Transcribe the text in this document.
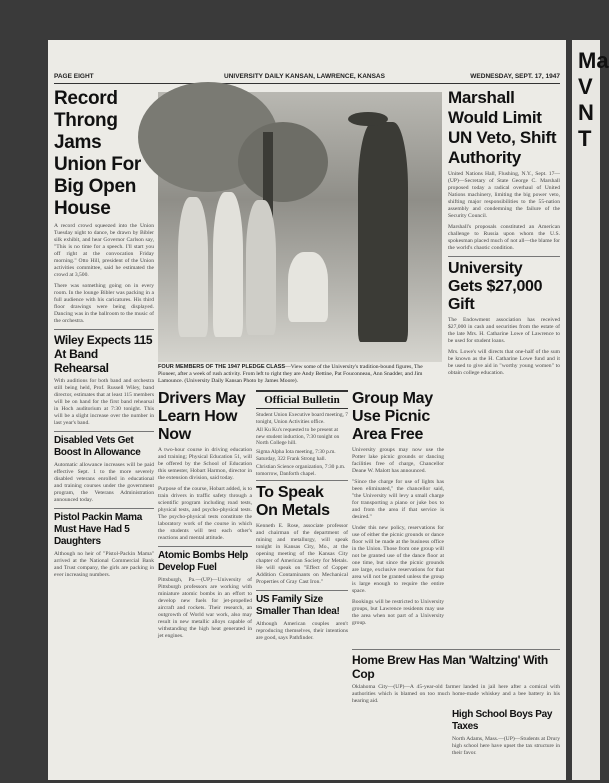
PAGE EIGHT	UNIVERSITY DAILY KANSAN, LAWRENCE, KANSAS	WEDNESDAY, SEPT. 17, 1947

Record Throng Jams Union For Big Open House

A record crowd squeezed into the Union Tuesday night to dance, be drawn by Bibler silk exhibit, and hear Governor Carlson say, "This is no time for a speech. I'll start you off right at the convocation Friday morning." Otto Hill, president of the Union activities committee, said he estimated the crowd at 3,500.

There was something going on in every room. In the lounge Bibler was packing in a full audience with his caricatures. His third floor drawings were being displayed. Dancing was in the ballroom to the music of the orchestra.

Wiley Expects 115 At Band Rehearsal

With auditions for both band and orchestra still being held, Prof. Russell Wiley, band director, estimates that at least 115 members will be on hand for the first band rehearsal in Hoch auditorium at 7:30 tonight. This will be a slight increase over the number in last year's band.

Disabled Vets Get Boost In Allowance

Automatic allowance increases will be paid effective Sept. 1 to the more severely disabled veterans enrolled in educational and training courses under the government program, the Veterans Administration announced today.

Pistol Packin Mama Must Have Had 5 Daughters

Although no heir of "Pistol-Packin Mama" arrived at the National Commercial Bank and Trust company, the girls are packing in ever increasing numbers.

FOUR MEMBERS OF THE 1947 PLEDGE CLASS—View some of the University's tradition-bound figures, The Pioneer, after a week of rush activity. From left to right they are Andy Bettine, Pat Fouconneau, Ann Snadder, and Jim Lamounce. (University Daily Kansan Photo by James Moore).

Drivers May Learn How Now

A two-hour course in driving education and training; Physical Education 51, will be offered by the School of Education this semester, Hobart Harmon, director in the extension division, said today.

Purpose of the course, Hobart added, is to train drivers in traffic safety through a scientific program including road tests, physical tests, and psycho-physical tests. The psycho-physical tests constitute the laboratory work of the course in which the students will test each other's reactions and mental attitude.

Atomic Bombs Help Develop Fuel

Pittsburgh, Pa.—(UP)—University of Pittsburgh professors are working with miniature atomic bombs in an effort to develop new fuels for jet-propelled aircraft and rockets. Their research, an outgrowth of World war work, also may result in new metallic alloys capable of withstanding the high heat generated in jet engines.

Official Bulletin

Student Union Executive board meeting, 7 tonight, Union Activities office.

All Ku Ku's requested to be present at new student induction, 7:30 tonight on North College hill.

Sigma Alpha Iota meeting, 7:30 p.m. Saturday, 322 Frank Strong hall.

Christian Science organization, 7:30 p.m. tomorrow, Danforth chapel.

To Speak On Metals

Kenneth E. Rose, associate professor and chairman of the department of mining and metallurgy, will speak tonight in Kansas City, Mo., at the opening meeting of the Kansas City chapter of American Society for Metals. He will speak on "Effect of Copper Addition Contaminants on Mechanical Properties of Gray Cast Iron."

US Family Size Smaller Than Idea!

Although American couples aren't reproducing themselves, their intentions are good, says Pathfinder.

Group May Use Picnic Area Free

University groups may now use the Potter lake picnic grounds or dancing facilities free of charge, Chancellor Deane W. Malott has announced.

"Since the charge for use of lights has been eliminated," the chancellor said, "the University will levy a small charge for transporting a piano or juke box to and from the area if that service is desired."

Under this new policy, reservations for use of either the picnic grounds or dance floor will be made at the business office in the Union. Those from one group will not be granted use of the dance floor at one time, but since the picnic grounds are large, exclusive reservations for that area will not be granted unless the group is large enough to require the entire space.

Bookings will be restricted to University groups, but Lawrence residents may use the area when not part of a University group.

Marshall Would Limit UN Veto, Shift Authority

United Nations Hall, Flushing, N.Y., Sept. 17—(UP)—Secretary of State George C. Marshall proposed today a radical overhaul of United Nations machinery, limiting the big power veto, shifting major responsibilities to the 55-nation assembly and condemning the failure of the Security Council.

Marshall's proposals constituted an American challenge to Russia upon whom the U.S. spokesman placed much of not all—the blame for the world's chaotic condition.

University Gets $27,000 Gift

The Endowment association has received $27,000 in cash and securities from the estate of the late Mrs. H. Catharine Lowe of Lawrence to be used for student loans.

Mrs. Lowe's will directs that one-half of the sum be known as the H. Catharine Lowe fund and it be used to give aid in "worthy young women" to obtain college education.

Home Brew Has Man 'Waltzing' With Cop

Oklahoma City—(UP)—A 45-year-old farmer landed in jail here after a comical with authorities which is blamed on too much home-made whiskey and a bee battery in his hearing aid.

High School Boys Pay Taxes

North Adams, Mass.—(UP)—Students at Drury high school here have upset the tax structure in their favor.

Ma
V
N
T
